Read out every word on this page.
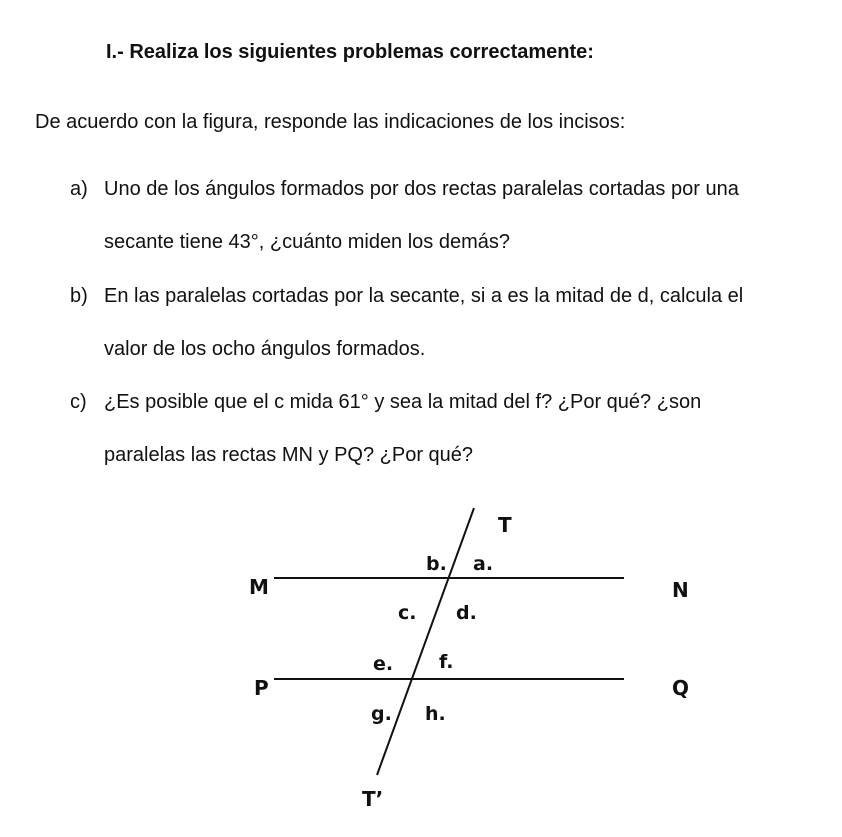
I.- Realiza los siguientes problemas correctamente:
De acuerdo con la figura, responde las indicaciones de los incisos:
a) Uno de los ángulos formados por dos rectas paralelas cortadas por una
secante tiene 43°, ¿cuánto miden los demás?
b) En las paralelas cortadas por la secante, si a es la mitad de d, calcula el
valor de los ocho ángulos formados.
c) ¿Es posible que el c mida 61° y sea la mitad del f? ¿Por qué? ¿son
paralelas las rectas MN y PQ? ¿Por qué?
T
T’
M	N
P	Q
b. a.
c. d.
e. f.
g. h.
